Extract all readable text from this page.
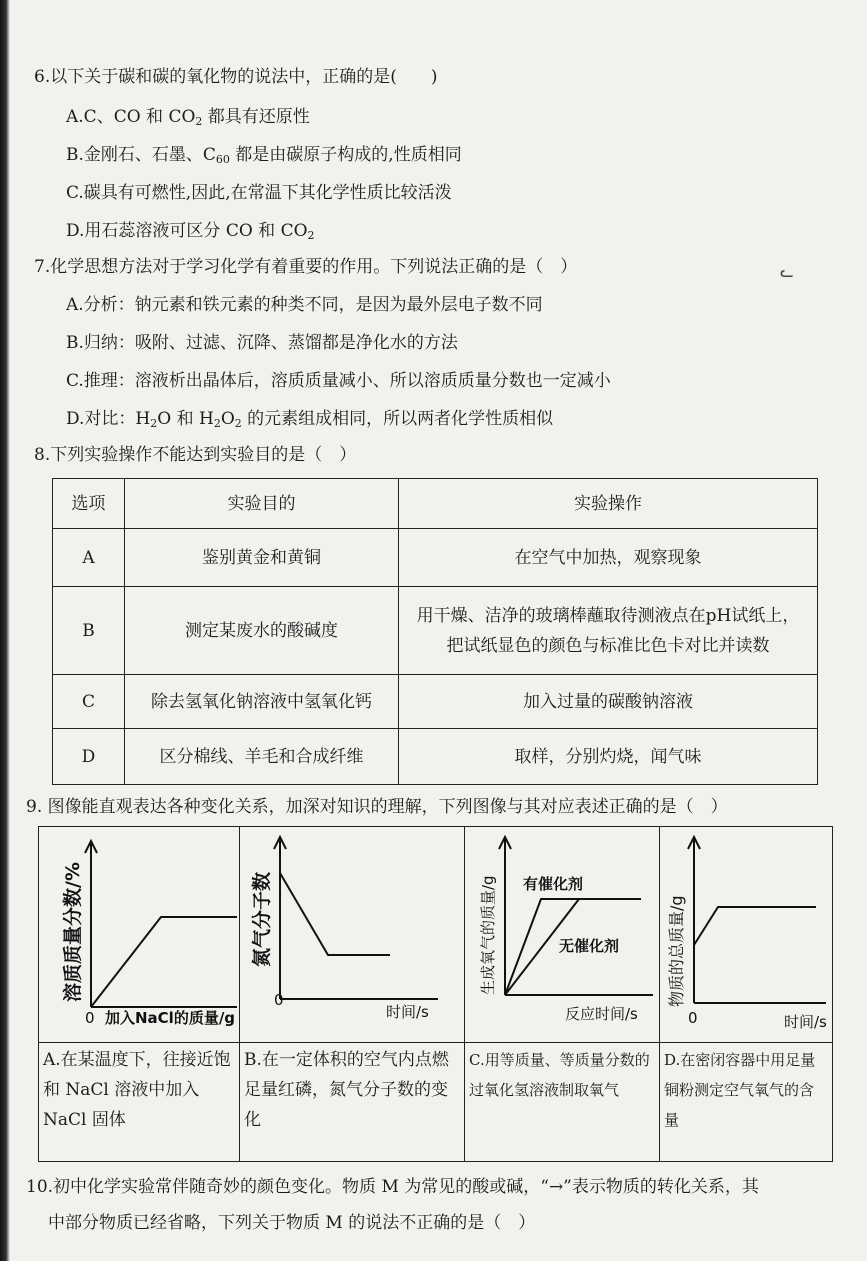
6.以下关于碳和碳的氧化物的说法中，正确的是(　　)
A.C、CO 和 $CO_2$ 都具有还原性
B.金刚石、石墨、$C_{60}$ 都是由碳原子构成的,性质相同
C.碳具有可燃性,因此,在常温下其化学性质比较活泼
D.用石蕊溶液可区分 CO 和 $CO_2$
7.化学思想方法对于学习化学有着重要的作用。下列说法正确的是（　）	ᓚ
A.分析：钠元素和铁元素的种类不同，是因为最外层电子数不同
B.归纳：吸附、过滤、沉降、蒸馏都是净化水的方法
C.推理：溶液析出晶体后，溶质质量减小、所以溶质质量分数也一定减小
D.对比：$H_2O$ 和 $H_2O_2$ 的元素组成相同，所以两者化学性质相似
8.下列实验操作不能达到实验目的是（　）
选项	实验目的	实验操作
A	鉴别黄金和黄铜	在空气中加热，观察现象
B	测定某废水的酸碱度	用干燥、洁净的玻璃棒蘸取待测液点在pH试纸上，
把试纸显色的颜色与标准比色卡对比并读数

C	除去氢氧化钠溶液中氢氧化钙	加入过量的碳酸钠溶液
D	区分棉线、羊毛和合成纤维	取样，分别灼烧，闻气味
9. 图像能直观表达各种变化关系，加深对知识的理解，下列图像与其对应表述正确的是（　）
溶质质量分数/%
0 加入NaCl的质量/g
氮气分子数
0
时间/s
生成氧气的质量/g 有催化剂
无催化剂
反应时间/s
物质的总质量/g
0	时间/s
A.在某温度下，往接近饱和 NaCl 溶液中加入 NaCl 固体
B.在一定体积的空气内点燃足量红磷，氮气分子数的变化
C.用等质量、等质量分数的过氧化氢溶液制取氧气
D.在密闭容器中用足量铜粉测定空气氧气的含量
10.初中化学实验常伴随奇妙的颜色变化。物质 M 为常见的酸或碱，“→”表示物质的转化关系，其
中部分物质已经省略，下列关于物质 M 的说法不正确的是（　）
